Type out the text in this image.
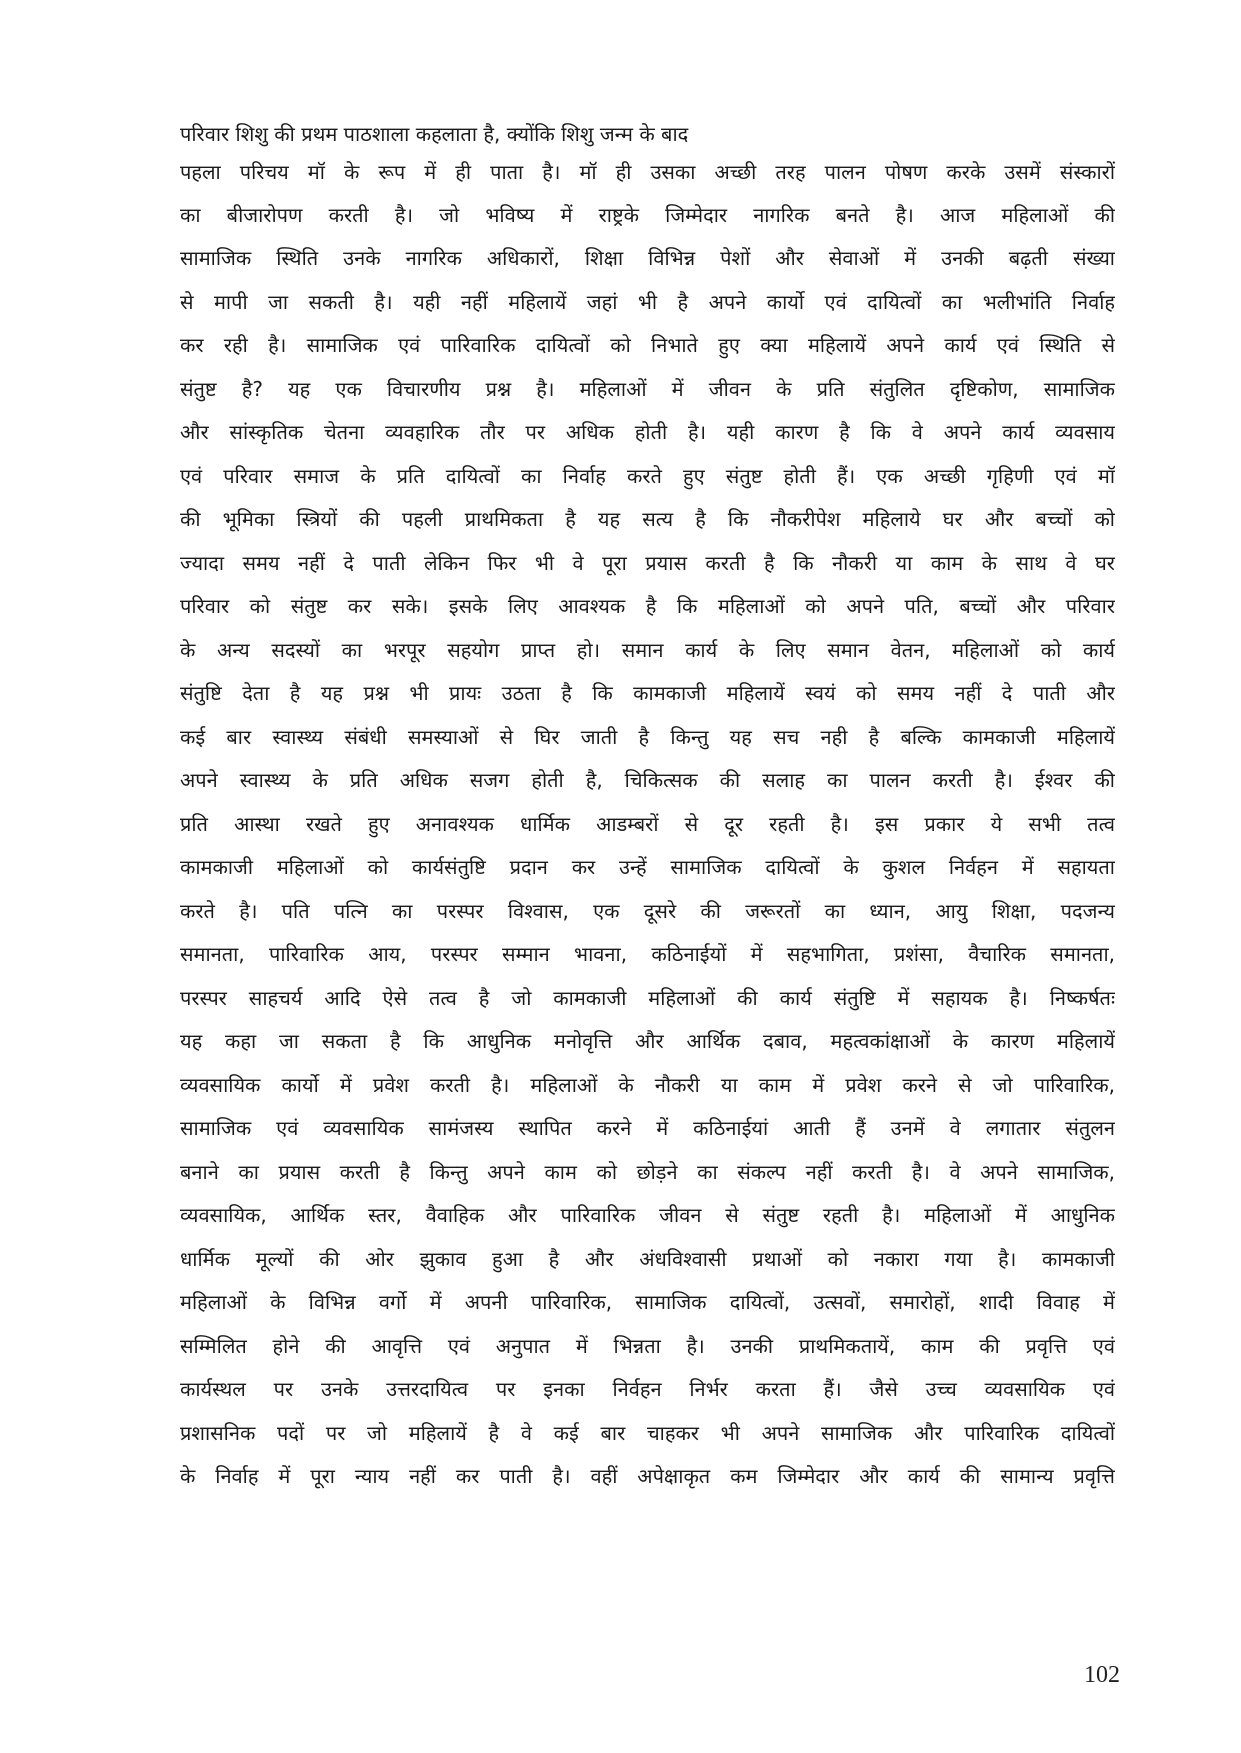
परिवार शिशु की प्रथम पाठशाला कहलाता है, क्योंकि शिशु जन्म के बाद
पहला परिचय मॉ के रूप में ही पाता है। मॉ ही उसका अच्छी तरह पालन पोषण करके उसमें संस्कारों
का बीजारोपण करती है। जो भविष्य में राष्ट्रके जिम्मेदार नागरिक बनते है। आज महिलाओं की
सामाजिक स्थिति उनके नागरिक अधिकारों, शिक्षा विभिन्न पेशों और सेवाओं में उनकी बढ़ती संख्या
से मापी जा सकती है। यही नहीं महिलायें जहां भी है अपने कार्यो एवं दायित्वों का भलीभांति निर्वाह
कर रही है। सामाजिक एवं पारिवारिक दायित्वों को निभाते हुए क्या महिलायें अपने कार्य एवं स्थिति से
संतुष्ट है? यह एक विचारणीय प्रश्न है। महिलाओं में जीवन के प्रति संतुलित दृष्टिकोण, सामाजिक
और सांस्कृतिक चेतना व्यवहारिक तौर पर अधिक होती है। यही कारण है कि वे अपने कार्य व्यवसाय
एवं परिवार समाज के प्रति दायित्वों का निर्वाह करते हुए संतुष्ट होती हैं। एक अच्छी गृहिणी एवं मॉ
की भूमिका स्त्रियों की पहली प्राथमिकता है यह सत्य है कि नौकरीपेश महिलाये घर और बच्चों को
ज्यादा समय नहीं दे पाती लेकिन फिर भी वे पूरा प्रयास करती है कि नौकरी या काम के साथ वे घर
परिवार को संतुष्ट कर सके। इसके लिए आवश्यक है कि महिलाओं को अपने पति, बच्चों और परिवार
के अन्य सदस्यों का भरपूर सहयोग प्राप्त हो। समान कार्य के लिए समान वेतन, महिलाओं को कार्य
संतुष्टि देता है यह प्रश्न भी प्रायः उठता है कि कामकाजी महिलायें स्वयं को समय नहीं दे पाती और
कई बार स्वास्थ्य संबंधी समस्याओं से घिर जाती है किन्तु यह सच नही है बल्कि कामकाजी महिलायें
अपने स्वास्थ्य के प्रति अधिक सजग होती है, चिकित्सक की सलाह का पालन करती है। ईश्वर की
प्रति आस्था रखते हुए अनावश्यक धार्मिक आडम्बरों से दूर रहती है। इस प्रकार ये सभी तत्व
कामकाजी महिलाओं को कार्यसंतुष्टि प्रदान कर उन्हें सामाजिक दायित्वों के कुशल निर्वहन में सहायता
करते है। पति पत्नि का परस्पर विश्वास, एक दूसरे की जरूरतों का ध्यान, आयु शिक्षा, पदजन्य
समानता, पारिवारिक आय, परस्पर सम्मान भावना, कठिनाईयों में सहभागिता, प्रशंसा, वैचारिक समानता,
परस्पर साहचर्य आदि ऐसे तत्व है जो कामकाजी महिलाओं की कार्य संतुष्टि में सहायक है। निष्कर्षतः
यह कहा जा सकता है कि आधुनिक मनोवृत्ति और आर्थिक दबाव, महत्वकांक्षाओं के कारण महिलायें
व्यवसायिक कार्यो में प्रवेश करती है। महिलाओं के नौकरी या काम में प्रवेश करने से जो पारिवारिक,
सामाजिक एवं व्यवसायिक सामंजस्य स्थापित करने में कठिनाईयां आती हैं उनमें वे लगातार संतुलन
बनाने का प्रयास करती है किन्तु अपने काम को छोड़ने का संकल्प नहीं करती है। वे अपने सामाजिक,
व्यवसायिक, आर्थिक स्तर, वैवाहिक और पारिवारिक जीवन से संतुष्ट रहती है। महिलाओं में आधुनिक
धार्मिक मूल्यों की ओर झुकाव हुआ है और अंधविश्वासी प्रथाओं को नकारा गया है। कामकाजी
महिलाओं के विभिन्न वर्गो में अपनी पारिवारिक, सामाजिक दायित्वों, उत्सवों, समारोहों, शादी विवाह में
सम्मिलित होने की आवृत्ति एवं अनुपात में भिन्नता है। उनकी प्राथमिकतायें, काम की प्रवृत्ति एवं
कार्यस्थल पर उनके उत्तरदायित्व पर इनका निर्वहन निर्भर करता हैं। जैसे उच्च व्यवसायिक एवं
प्रशासनिक पदों पर जो महिलायें है वे कई बार चाहकर भी अपने सामाजिक और पारिवारिक दायित्वों
के निर्वाह में पूरा न्याय नहीं कर पाती है। वहीं अपेक्षाकृत कम जिम्मेदार और कार्य की सामान्य प्रवृत्ति
102
